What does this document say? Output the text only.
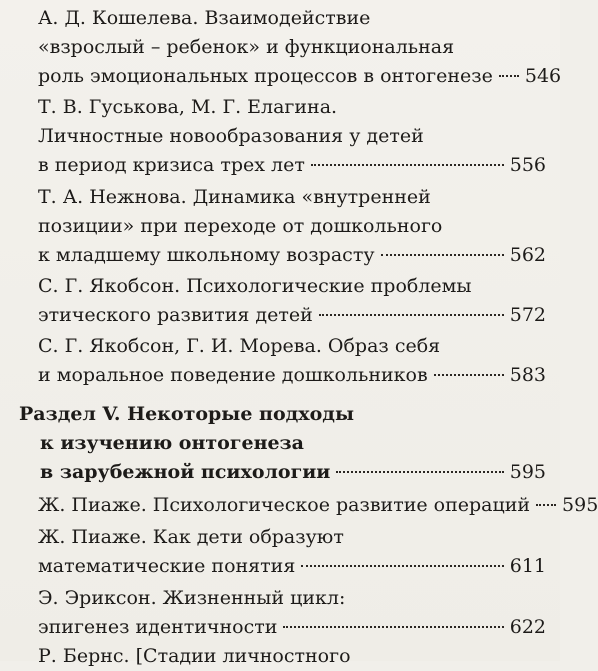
А. Д. Кошелева. Взаимодействие
«взрослый – ребенок» и функциональная
роль эмоциональных процессов в онтогенезе 546
Т. В. Гуськова, М. Г. Елагина.
Личностные новообразования у детей
в период кризиса трех лет	556
Т. А. Нежнова. Динамика «внутренней
позиции» при переходе от дошкольного
к младшему школьному возрасту	562
С. Г. Якобсон. Психологические проблемы
этического развития детей	572
С. Г. Якобсон, Г. И. Морева. Образ себя
и моральное поведение дошкольников	583
Раздел V. Некоторые подходы
к изучению онтогенеза
в зарубежной психологии	595
Ж. Пиаже. Психологическое развитие операций 595
Ж. Пиаже. Как дети образуют
математические понятия	611
Э. Эриксон. Жизненный цикл:
эпигенез идентичности	622
Р. Бернс. [Стадии личностного
